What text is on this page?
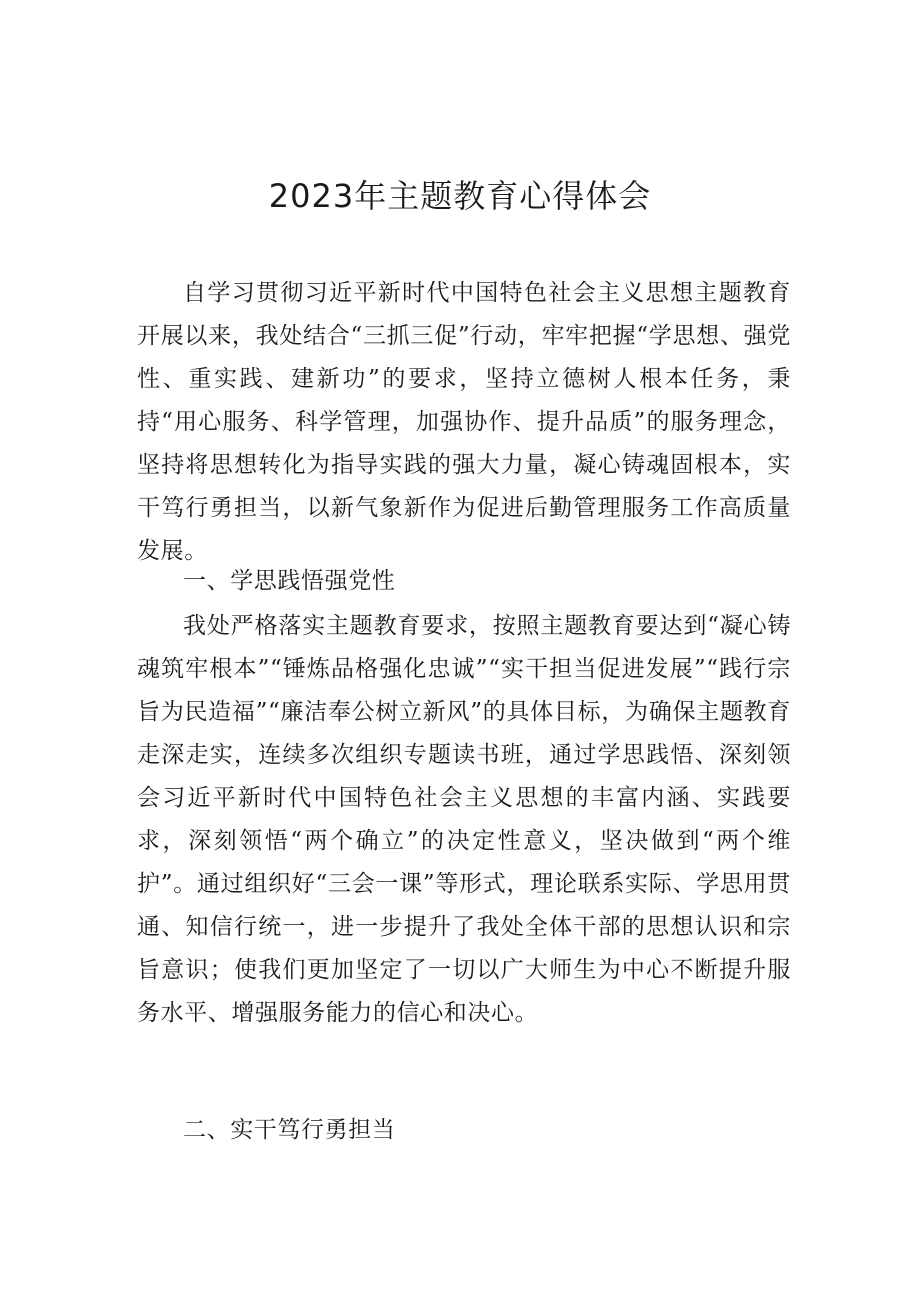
2023年主题教育心得体会

自学习贯彻习近平新时代中国特色社会主义思想主题教育开展以来，我处结合“三抓三促”行动，牢牢把握“学思想、强党性、重实践、建新功”的要求，坚持立德树人根本任务，秉持“用心服务、科学管理，加强协作、提升品质”的服务理念，坚持将思想转化为指导实践的强大力量，凝心铸魂固根本，实干笃行勇担当，以新气象新作为促进后勤管理服务工作高质量发展。

一、学思践悟强党性

我处严格落实主题教育要求，按照主题教育要达到“凝心铸魂筑牢根本”“锤炼品格强化忠诚”“实干担当促进发展”“践行宗旨为民造福”“廉洁奉公树立新风”的具体目标，为确保主题教育走深走实，连续多次组织专题读书班，通过学思践悟、深刻领会习近平新时代中国特色社会主义思想的丰富内涵、实践要求，深刻领悟“两个确立”的决定性意义，坚决做到“两个维护”。通过组织好“三会一课”等形式，理论联系实际、学思用贯通、知信行统一，进一步提升了我处全体干部的思想认识和宗旨意识；使我们更加坚定了一切以广大师生为中心不断提升服务水平、增强服务能力的信心和决心。

二、实干笃行勇担当
